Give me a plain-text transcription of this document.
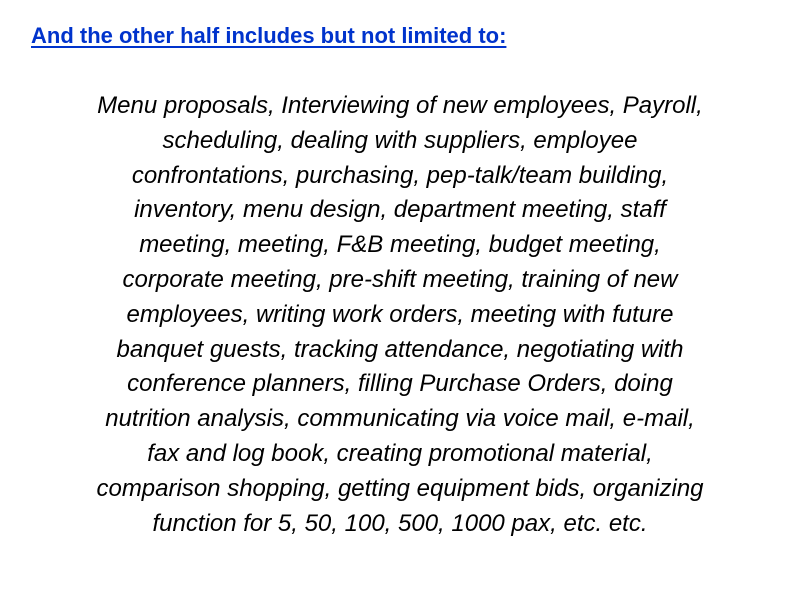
And the other half includes but not limited to:

Menu proposals, Interviewing of new employees, Payroll,
scheduling, dealing with suppliers, employee
confrontations, purchasing, pep-talk/team building,
inventory, menu design, department meeting, staff
meeting, meeting, F&B meeting, budget meeting,
corporate meeting, pre-shift meeting, training of new
employees, writing work orders, meeting with future
banquet guests, tracking attendance, negotiating with
conference planners, filling Purchase Orders, doing
nutrition analysis, communicating via voice mail, e-mail,
fax and log book, creating promotional material,
comparison shopping, getting equipment bids, organizing
function for 5, 50, 100, 500, 1000 pax, etc. etc.
